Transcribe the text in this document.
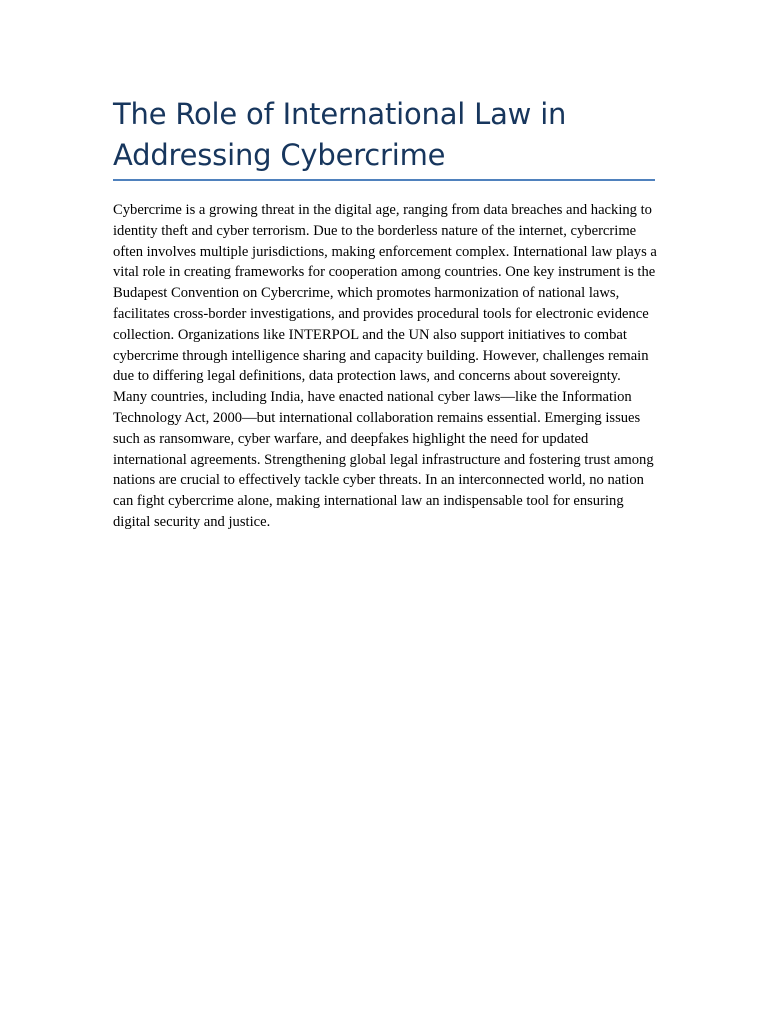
The Role of International Law in Addressing Cybercrime

Cybercrime is a growing threat in the digital age, ranging from data breaches and hacking to identity theft and cyber terrorism. Due to the borderless nature of the internet, cybercrime often involves multiple jurisdictions, making enforcement complex. International law plays a vital role in creating frameworks for cooperation among countries. One key instrument is the Budapest Convention on Cybercrime, which promotes harmonization of national laws, facilitates cross-border investigations, and provides procedural tools for electronic evidence collection. Organizations like INTERPOL and the UN also support initiatives to combat cybercrime through intelligence sharing and capacity building. However, challenges remain due to differing legal definitions, data protection laws, and concerns about sovereignty. Many countries, including India, have enacted national cyber laws—like the Information Technology Act, 2000—but international collaboration remains essential. Emerging issues such as ransomware, cyber warfare, and deepfakes highlight the need for updated international agreements. Strengthening global legal infrastructure and fostering trust among nations are crucial to effectively tackle cyber threats. In an interconnected world, no nation can fight cybercrime alone, making international law an indispensable tool for ensuring digital security and justice.
